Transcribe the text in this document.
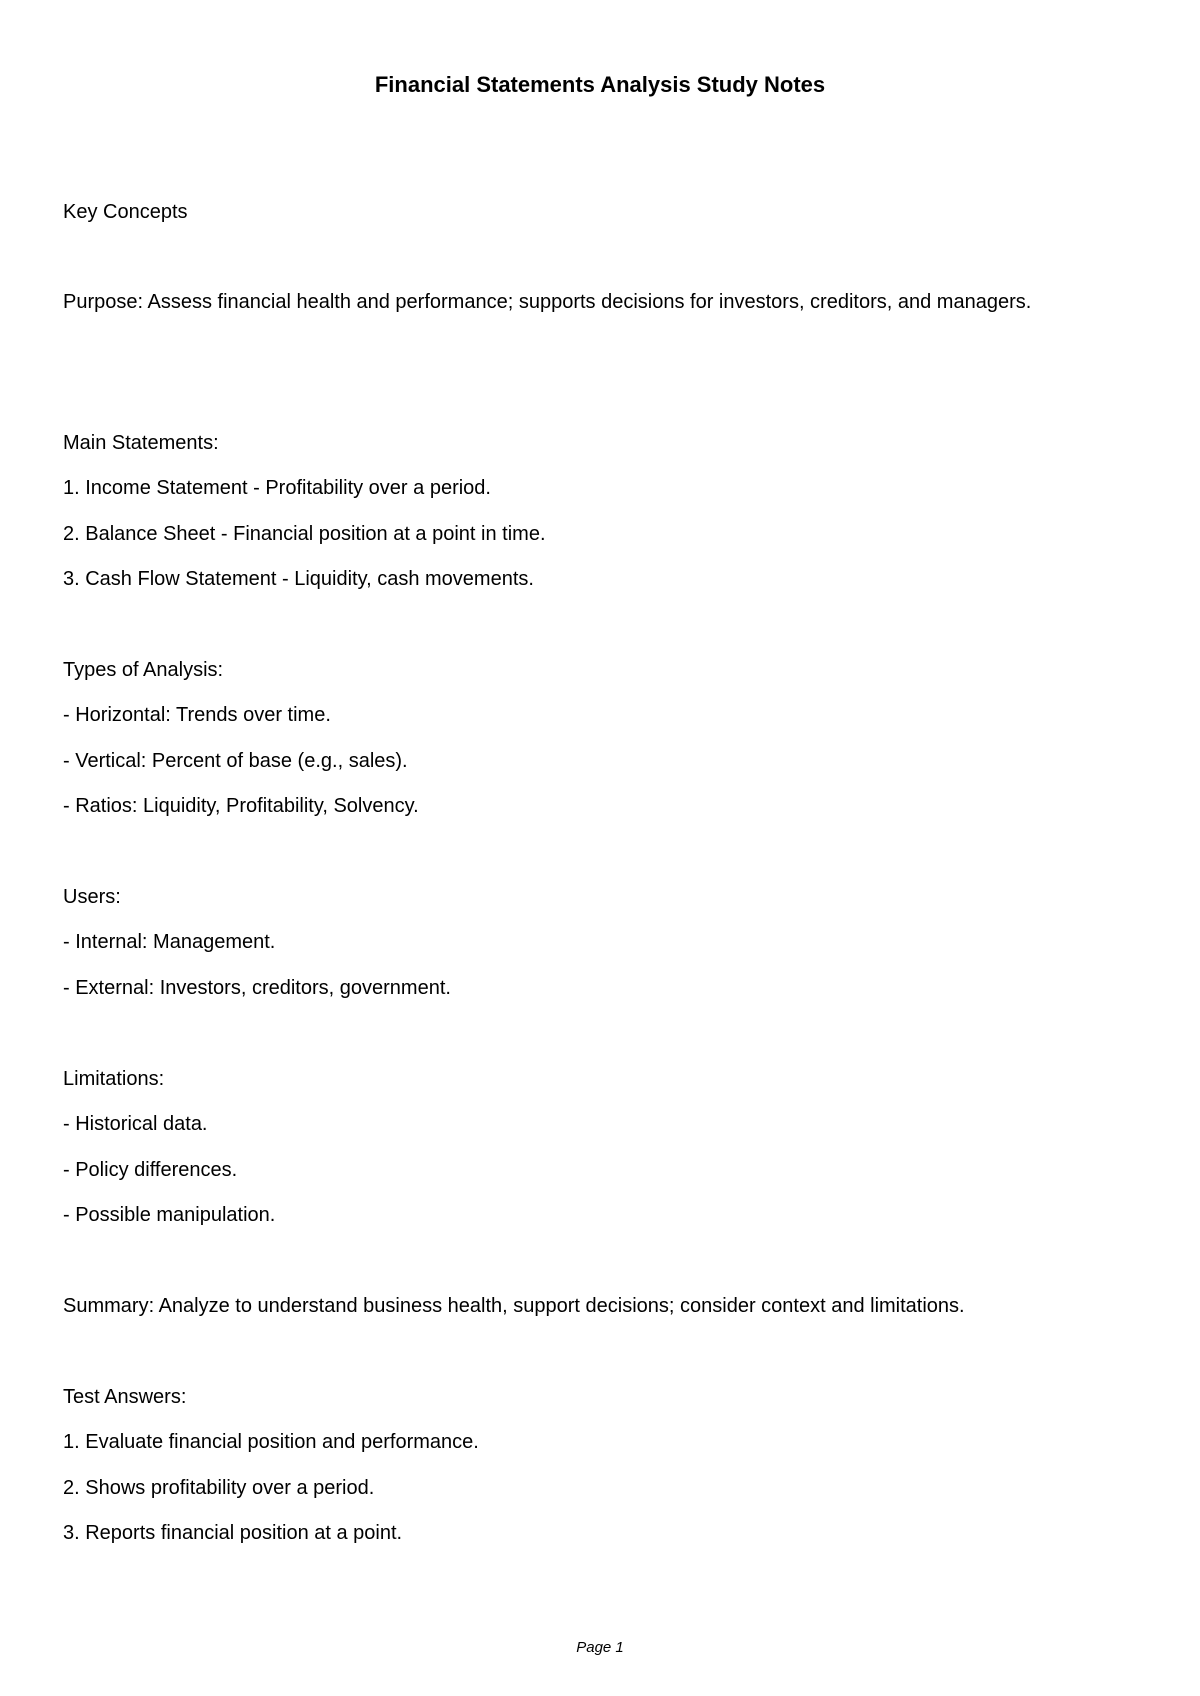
Financial Statements Analysis Study Notes
Key Concepts
Purpose: Assess financial health and performance; supports decisions for investors, creditors, and managers.
Main Statements:
1. Income Statement - Profitability over a period.
2. Balance Sheet - Financial position at a point in time.
3. Cash Flow Statement - Liquidity, cash movements.
Types of Analysis:
- Horizontal: Trends over time.
- Vertical: Percent of base (e.g., sales).
- Ratios: Liquidity, Profitability, Solvency.
Users:
- Internal: Management.
- External: Investors, creditors, government.
Limitations:
- Historical data.
- Policy differences.
- Possible manipulation.
Summary: Analyze to understand business health, support decisions; consider context and limitations.
Test Answers:
1. Evaluate financial position and performance.
2. Shows profitability over a period.
3. Reports financial position at a point.
Page 1
